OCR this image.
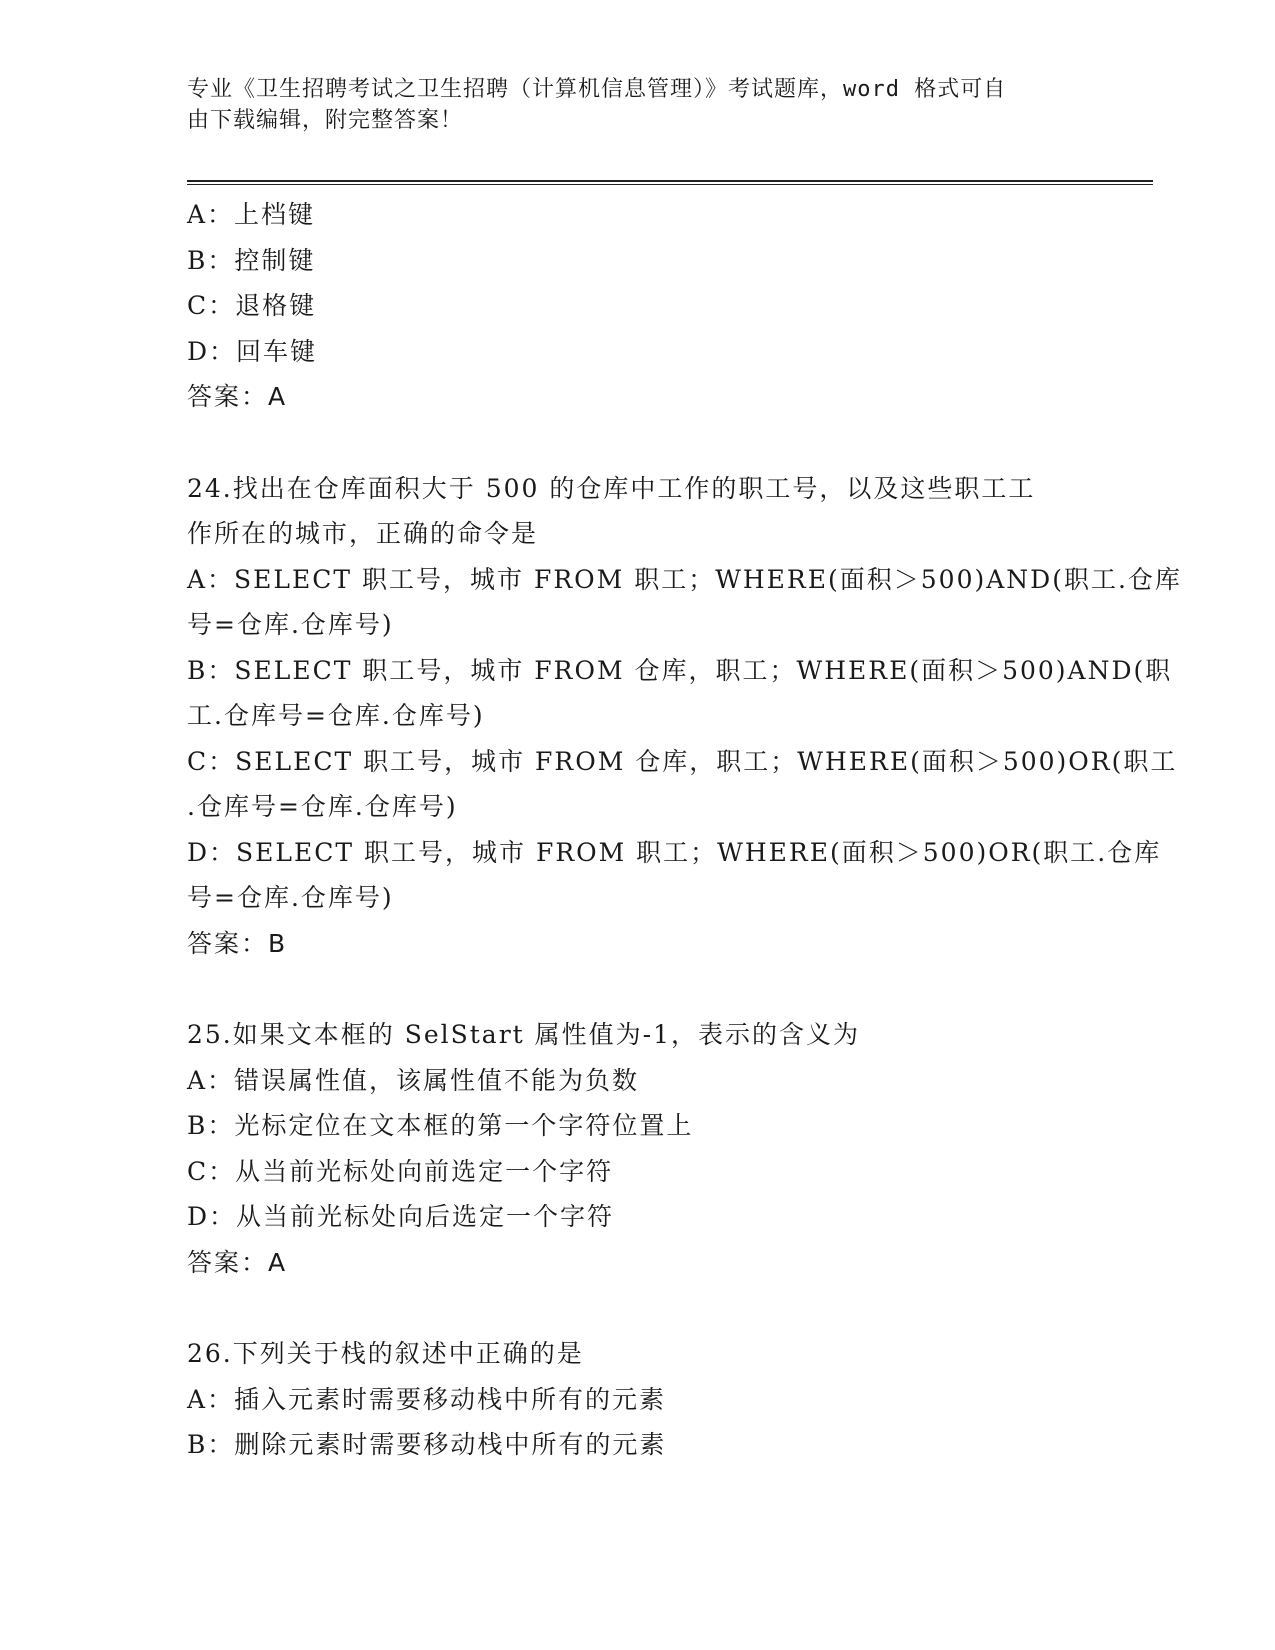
专业《卫生招聘考试之卫生招聘（计算机信息管理）》考试题库，word 格式可自
由下载编辑，附完整答案！
A：上档键
B：控制键
C：退格键
D：回车键
答案：A
24.找出在仓库面积大于 500 的仓库中工作的职工号，以及这些职工工
作所在的城市，正确的命令是
A：SELECT 职工号，城市 FROM 职工；WHERE(面积＞500)AND(职工.仓库
号=仓库.仓库号)
B：SELECT 职工号，城市 FROM 仓库，职工；WHERE(面积＞500)AND(职
工.仓库号=仓库.仓库号)
C：SELECT 职工号，城市 FROM 仓库，职工；WHERE(面积＞500)OR(职工
.仓库号=仓库.仓库号)
D：SELECT 职工号，城市 FROM 职工；WHERE(面积＞500)OR(职工.仓库
号=仓库.仓库号)
答案：B
25.如果文本框的 SelStart 属性值为-1，表示的含义为
A：错误属性值，该属性值不能为负数
B：光标定位在文本框的第一个字符位置上
C：从当前光标处向前选定一个字符
D：从当前光标处向后选定一个字符
答案：A
26.下列关于栈的叙述中正确的是
A：插入元素时需要移动栈中所有的元素
B：删除元素时需要移动栈中所有的元素
